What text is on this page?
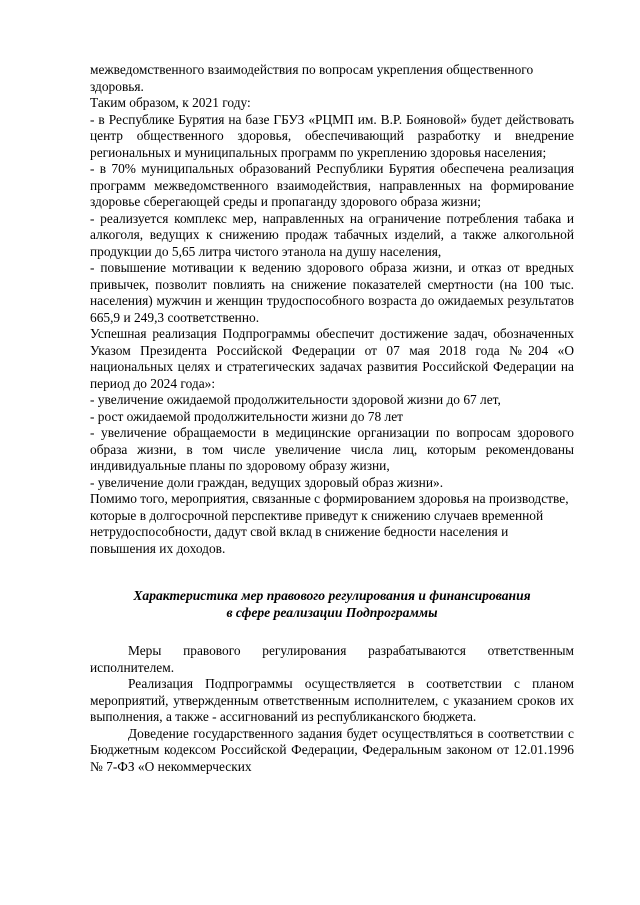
межведомственного взаимодействия по вопросам укрепления общественного здоровья.

Таким образом, к 2021 году:

- в Республике Бурятия на базе ГБУЗ «РЦМП им. В.Р. Бояновой» будет действовать центр общественного здоровья, обеспечивающий разработку и внедрение региональных и муниципальных программ по укреплению здоровья населения;

- в 70% муниципальных образований Республики Бурятия обеспечена реализация программ межведомственного взаимодействия, направленных на формирование здоровье сберегающей среды и пропаганду здорового образа жизни;

- реализуется комплекс мер, направленных на ограничение потребления табака и алкоголя, ведущих к снижению продаж табачных изделий, а также алкогольной продукции до 5,65 литра чистого этанола на душу населения,

- повышение мотивации к ведению здорового образа жизни, и отказ от вредных привычек, позволит повлиять на снижение показателей смертности (на 100 тыс. населения) мужчин и женщин трудоспособного возраста до ожидаемых результатов 665,9 и 249,3 соответственно.

Успешная реализация Подпрограммы обеспечит достижение задач, обозначенных Указом Президента Российской Федерации от 07 мая 2018 года №204 «О национальных целях и стратегических задачах развития Российской Федерации на период до 2024 года»:

- увеличение ожидаемой продолжительности здоровой жизни до 67 лет,

- рост ожидаемой продолжительности жизни до 78 лет

- увеличение обращаемости в медицинские организации по вопросам здорового образа жизни, в том числе увеличение числа лиц, которым рекомендованы индивидуальные планы по здоровому образу жизни,

- увеличение доли граждан, ведущих здоровый образ жизни».

Помимо того, мероприятия, связанные с формированием здоровья на производстве, которые в долгосрочной перспективе приведут к снижению случаев временной нетрудоспособности, дадут свой вклад в снижение бедности населения и повышения их доходов.

Характеристика мер правового регулирования и финансирования
в сфере реализации Подпрограммы

Меры правового регулирования разрабатываются ответственным исполнителем.

Реализация Подпрограммы осуществляется в соответствии с планом мероприятий, утвержденным ответственным исполнителем, с указанием сроков их выполнения, а также - ассигнований из республиканского бюджета.

Доведение государственного задания будет осуществляться в соответствии с Бюджетным кодексом Российской Федерации, Федеральным законом от 12.01.1996 № 7-ФЗ «О некоммерческих
